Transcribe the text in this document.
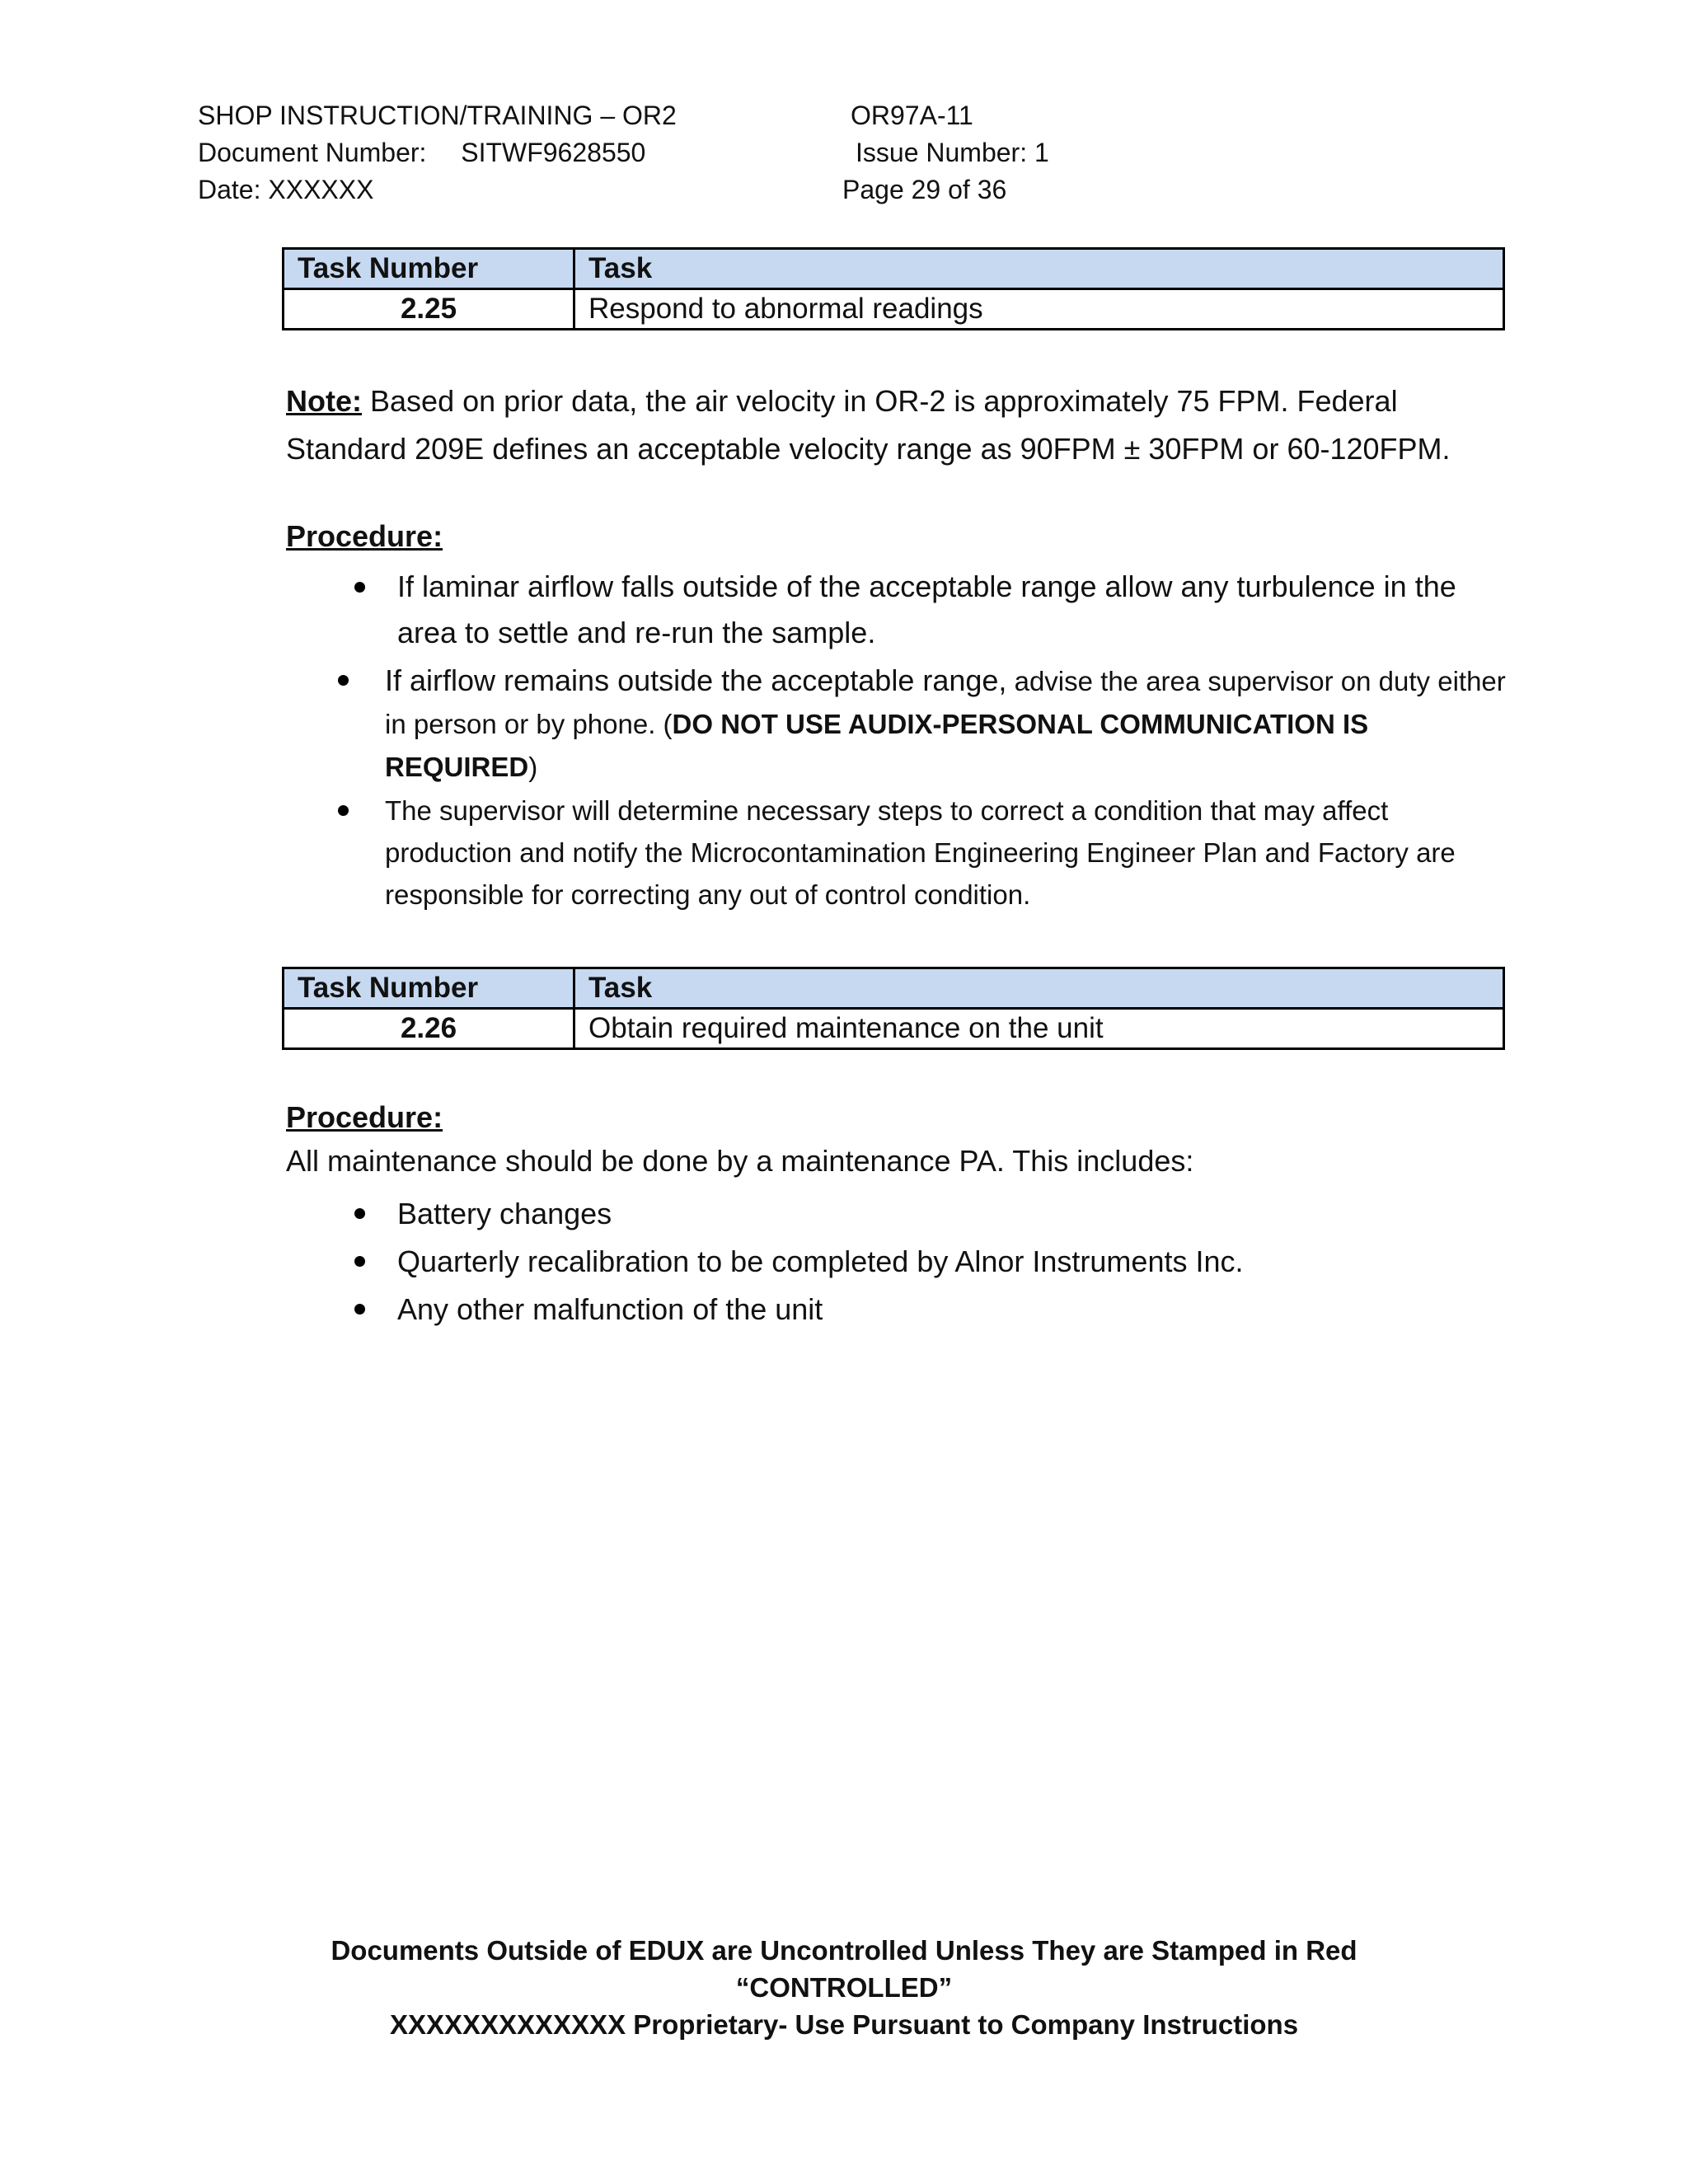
SHOP INSTRUCTION/TRAINING – OR2
Document Number: SITWF9628550
Date: XXXXXX
OR97A-11
Issue Number: 1
Page 29 of 36
Task Number	Task
2.25	Respond to abnormal readings
Note: Based on prior data, the air velocity in OR-2 is approximately 75 FPM. Federal Standard 209E defines an acceptable velocity range as 90FPM ± 30FPM or 60-120FPM.
Procedure:
If laminar airflow falls outside of the acceptable range allow any turbulence in the area to settle and re-run the sample.
If airflow remains outside the acceptable range, advise the area supervisor on duty either in person or by phone. (DO NOT USE AUDIX-PERSONAL COMMUNICATION IS REQUIRED)
The supervisor will determine necessary steps to correct a condition that may affect production and notify the Microcontamination Engineering Engineer Plan and Factory are responsible for correcting any out of control condition.
Task Number	Task
2.26	Obtain required maintenance on the unit
Procedure:
All maintenance should be done by a maintenance PA. This includes:
Battery changes
Quarterly recalibration to be completed by Alnor Instruments Inc.
Any other malfunction of the unit
Documents Outside of EDUX are Uncontrolled Unless They are Stamped in Red
“CONTROLLED”
XXXXXXXXXXXXX Proprietary- Use Pursuant to Company Instructions
